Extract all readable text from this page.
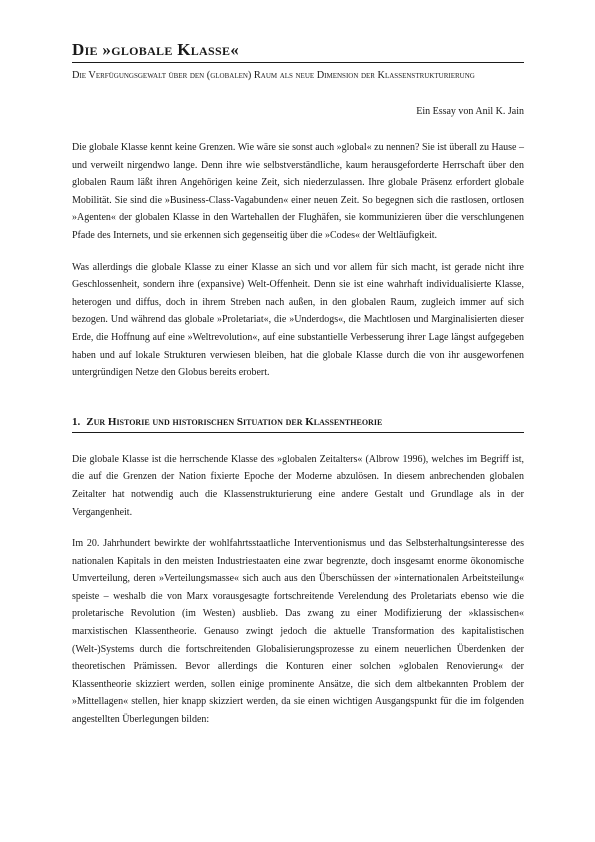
Die »globale Klasse«

Die Verfügungsgewalt über den (globalen) Raum als neue Dimension der Klassenstrukturierung

Ein Essay von Anil K. Jain

Die globale Klasse kennt keine Grenzen. Wie wäre sie sonst auch »global« zu nennen? Sie ist überall zu Hause – und verweilt nirgendwo lange. Denn ihre wie selbstverständliche, kaum herausgeforderte Herrschaft über den globalen Raum läßt ihren Angehörigen keine Zeit, sich niederzulassen. Ihre globale Präsenz erfordert globale Mobilität. Sie sind die »Business-Class-Vagabunden« einer neuen Zeit. So begegnen sich die rastlosen, ortlosen »Agenten« der globalen Klasse in den Wartehallen der Flughäfen, sie kommunizieren über die verschlungenen Pfade des Internets, und sie erkennen sich gegenseitig über die »Codes« der Weltläufigkeit.

Was allerdings die globale Klasse zu einer Klasse an sich und vor allem für sich macht, ist gerade nicht ihre Geschlossenheit, sondern ihre (expansive) Welt-Offenheit. Denn sie ist eine wahrhaft individualisierte Klasse, heterogen und diffus, doch in ihrem Streben nach außen, in den globalen Raum, zugleich immer auf sich bezogen. Und während das globale »Proletariat«, die »Underdogs«, die Machtlosen und Marginalisierten dieser Erde, die Hoffnung auf eine »Weltrevolution«, auf eine substantielle Verbesserung ihrer Lage längst aufgegeben haben und auf lokale Strukturen verwiesen bleiben, hat die globale Klasse durch die von ihr ausgeworfenen untergründigen Netze den Globus bereits erobert.

1. Zur Historie und historischen Situation der Klassentheorie

Die globale Klasse ist die herrschende Klasse des »globalen Zeitalters« (Albrow 1996), welches im Begriff ist, die auf die Grenzen der Nation fixierte Epoche der Moderne abzulösen. In diesem anbrechenden globalen Zeitalter hat notwendig auch die Klassenstrukturierung eine andere Gestalt und Grundlage als in der Vergangenheit.

Im 20. Jahrhundert bewirkte der wohlfahrtsstaatliche Interventionismus und das Selbsterhaltungsinteresse des nationalen Kapitals in den meisten Industriestaaten eine zwar begrenzte, doch insgesamt enorme ökonomische Umverteilung, deren »Verteilungsmasse« sich auch aus den Überschüssen der »internationalen Arbeitsteilung« speiste – weshalb die von Marx vorausgesagte fortschreitende Verelendung des Proletariats ebenso wie die proletarische Revolution (im Westen) ausblieb. Das zwang zu einer Modifizierung der »klassischen« marxistischen Klassentheorie. Genauso zwingt jedoch die aktuelle Transformation des kapitalistischen (Welt-)Systems durch die fortschreitenden Globalisierungsprozesse zu einem neuerlichen Überdenken der theoretischen Prämissen. Bevor allerdings die Konturen einer solchen »globalen Renovierung« der Klassentheorie skizziert werden, sollen einige prominente Ansätze, die sich dem altbekannten Problem der »Mittellagen« stellen, hier knapp skizziert werden, da sie einen wichtigen Ausgangspunkt für die im folgenden angestellten Überlegungen bilden:
